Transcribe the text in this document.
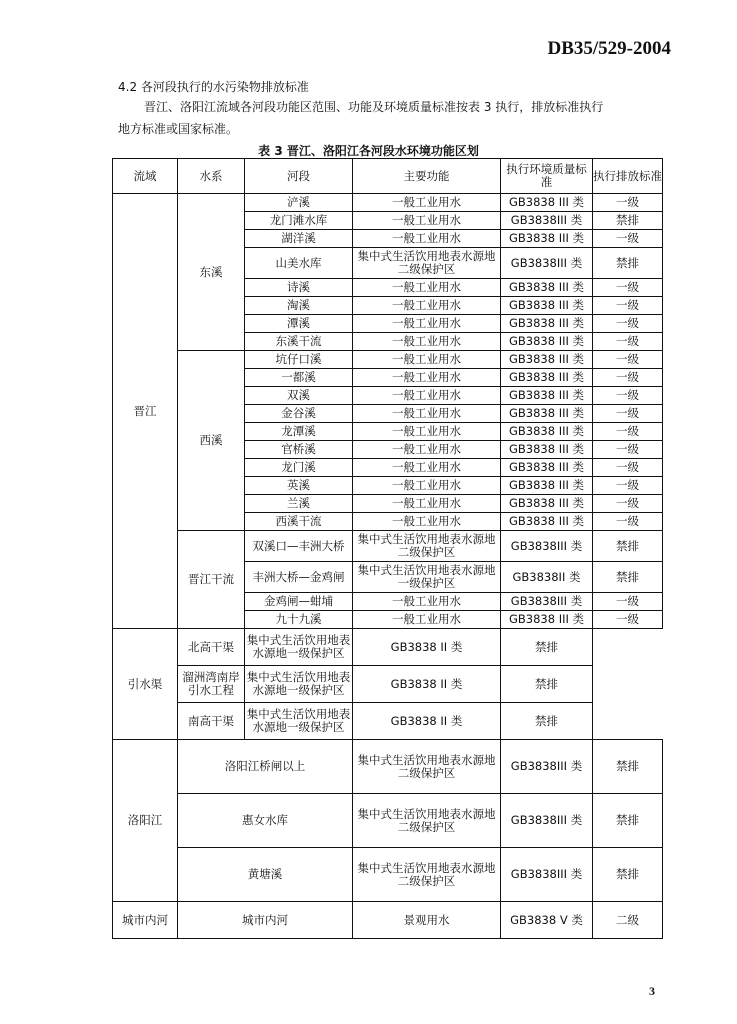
DB35/529-2004
4.2 各河段执行的水污染物排放标准
晋江、洛阳江流域各河段功能区范围、功能及环境质量标准按表 3 执行，排放标准执行
地方标准或国家标准。
表 3 晋江、洛阳江各河段水环境功能区划
流域	水系	河段	主要功能	执行环境质量标准	执行排放标准
晋江	东溪	浐溪	一般工业用水	GB3838 III 类	一级
		龙门滩水库	一般工业用水	GB3838III 类	禁排
		湖洋溪	一般工业用水	GB3838 III 类	一级
		山美水库	集中式生活饮用地表水源地二级保护区	GB3838III 类	禁排
		诗溪	一般工业用水	GB3838 III 类	一级
		淘溪	一般工业用水	GB3838 III 类	一级
		潭溪	一般工业用水	GB3838 III 类	一级
		东溪干流	一般工业用水	GB3838 III 类	一级
	西溪	坑仔口溪	一般工业用水	GB3838 III 类	一级
		一都溪	一般工业用水	GB3838 III 类	一级
		双溪	一般工业用水	GB3838 III 类	一级
		金谷溪	一般工业用水	GB3838 III 类	一级
		龙潭溪	一般工业用水	GB3838 III 类	一级
		官桥溪	一般工业用水	GB3838 III 类	一级
		龙门溪	一般工业用水	GB3838 III 类	一级
		英溪	一般工业用水	GB3838 III 类	一级
		兰溪	一般工业用水	GB3838 III 类	一级
		西溪干流	一般工业用水	GB3838 III 类	一级
	晋江干流	双溪口—丰洲大桥	集中式生活饮用地表水源地二级保护区	GB3838III 类	禁排
		丰洲大桥—金鸡闸	集中式生活饮用地表水源地一级保护区	GB3838II 类	禁排
		金鸡闸—蚶埔	一般工业用水	GB3838III 类	一级
		九十九溪	一般工业用水	GB3838 III 类	一级
引水渠	北高干渠	集中式生活饮用地表水源地一级保护区	GB3838 II 类	禁排	
	溜洲湾南岸引水工程	集中式生活饮用地表水源地一级保护区	GB3838 II 类	禁排	
	南高干渠	集中式生活饮用地表水源地一级保护区	GB3838 II 类	禁排	
洛阳江	洛阳江桥闸以上		集中式生活饮用地表水源地二级保护区	GB3838III 类	禁排
	惠女水库		集中式生活饮用地表水源地二级保护区	GB3838III 类	禁排
	黄塘溪		集中式生活饮用地表水源地二级保护区	GB3838III 类	禁排
城市内河	城市内河		景观用水	GB3838 V 类	二级
3
